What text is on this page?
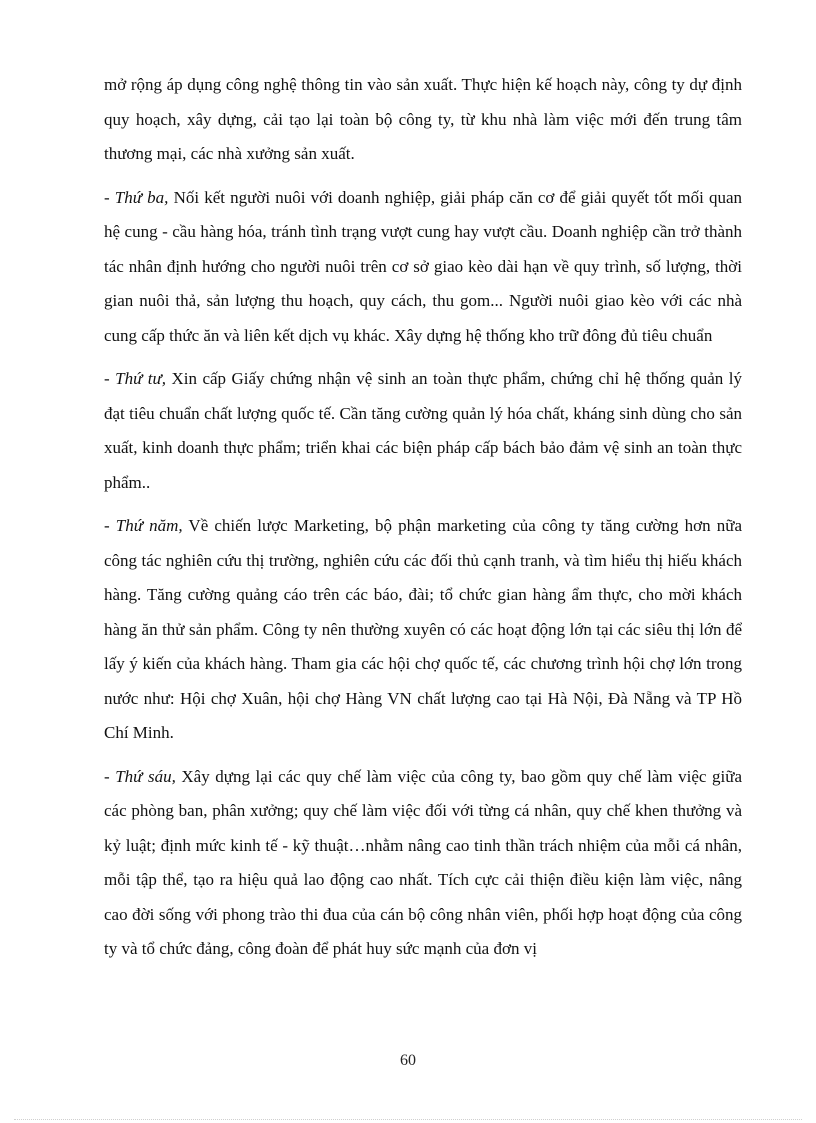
mở rộng áp dụng công nghệ thông tin vào sản xuất. Thực hiện kế hoạch này, công ty dự định quy hoạch, xây dựng, cải tạo lại toàn bộ công ty, từ khu nhà làm việc mới đến trung tâm thương mại, các nhà xưởng sản xuất.

- Thứ ba, Nối kết người nuôi với doanh nghiệp, giải pháp căn cơ để giải quyết tốt mối quan hệ cung - cầu hàng hóa, tránh tình trạng vượt cung hay vượt cầu. Doanh nghiệp cần trở thành tác nhân định hướng cho người nuôi trên cơ sở giao kèo dài hạn về quy trình, số lượng, thời gian nuôi thả, sản lượng thu hoạch, quy cách, thu gom... Người nuôi giao kèo với các nhà cung cấp thức ăn và liên kết dịch vụ khác. Xây dựng hệ thống kho trữ đông đủ tiêu chuẩn

- Thứ tư, Xin cấp Giấy chứng nhận vệ sinh an toàn thực phẩm, chứng chỉ hệ thống quản lý đạt tiêu chuẩn chất lượng quốc tế. Cần tăng cường quản lý hóa chất, kháng sinh dùng cho sản xuất, kinh doanh thực phẩm; triển khai các biện pháp cấp bách bảo đảm vệ sinh an toàn thực phẩm..

- Thứ năm, Về chiến lược Marketing, bộ phận marketing của công ty tăng cường hơn nữa công tác nghiên cứu thị trường, nghiên cứu các đối thủ cạnh tranh, và tìm hiểu thị hiếu khách hàng. Tăng cường quảng cáo trên các báo, đài; tổ chức gian hàng ẩm thực, cho mời khách hàng ăn thử sản phẩm. Công ty nên thường xuyên có các hoạt động lớn tại các siêu thị lớn để lấy ý kiến của khách hàng. Tham gia các hội chợ quốc tế, các chương trình hội chợ lớn trong nước như: Hội chợ Xuân, hội chợ Hàng VN chất lượng cao tại Hà Nội, Đà Nẵng và TP Hồ Chí Minh.

- Thứ sáu, Xây dựng lại các quy chế làm việc của công ty, bao gồm quy chế làm việc giữa các phòng ban, phân xưởng; quy chế làm việc đối với từng cá nhân, quy chế khen thưởng và kỷ luật; định mức kinh tế - kỹ thuật…nhằm nâng cao tinh thần trách nhiệm của mỗi cá nhân, mỗi tập thể, tạo ra hiệu quả lao động cao nhất. Tích cực cải thiện điều kiện làm việc, nâng cao đời sống với phong trào thi đua của cán bộ công nhân viên, phối hợp hoạt động của công ty và tổ chức đảng, công đoàn để phát huy sức mạnh của đơn vị

60
